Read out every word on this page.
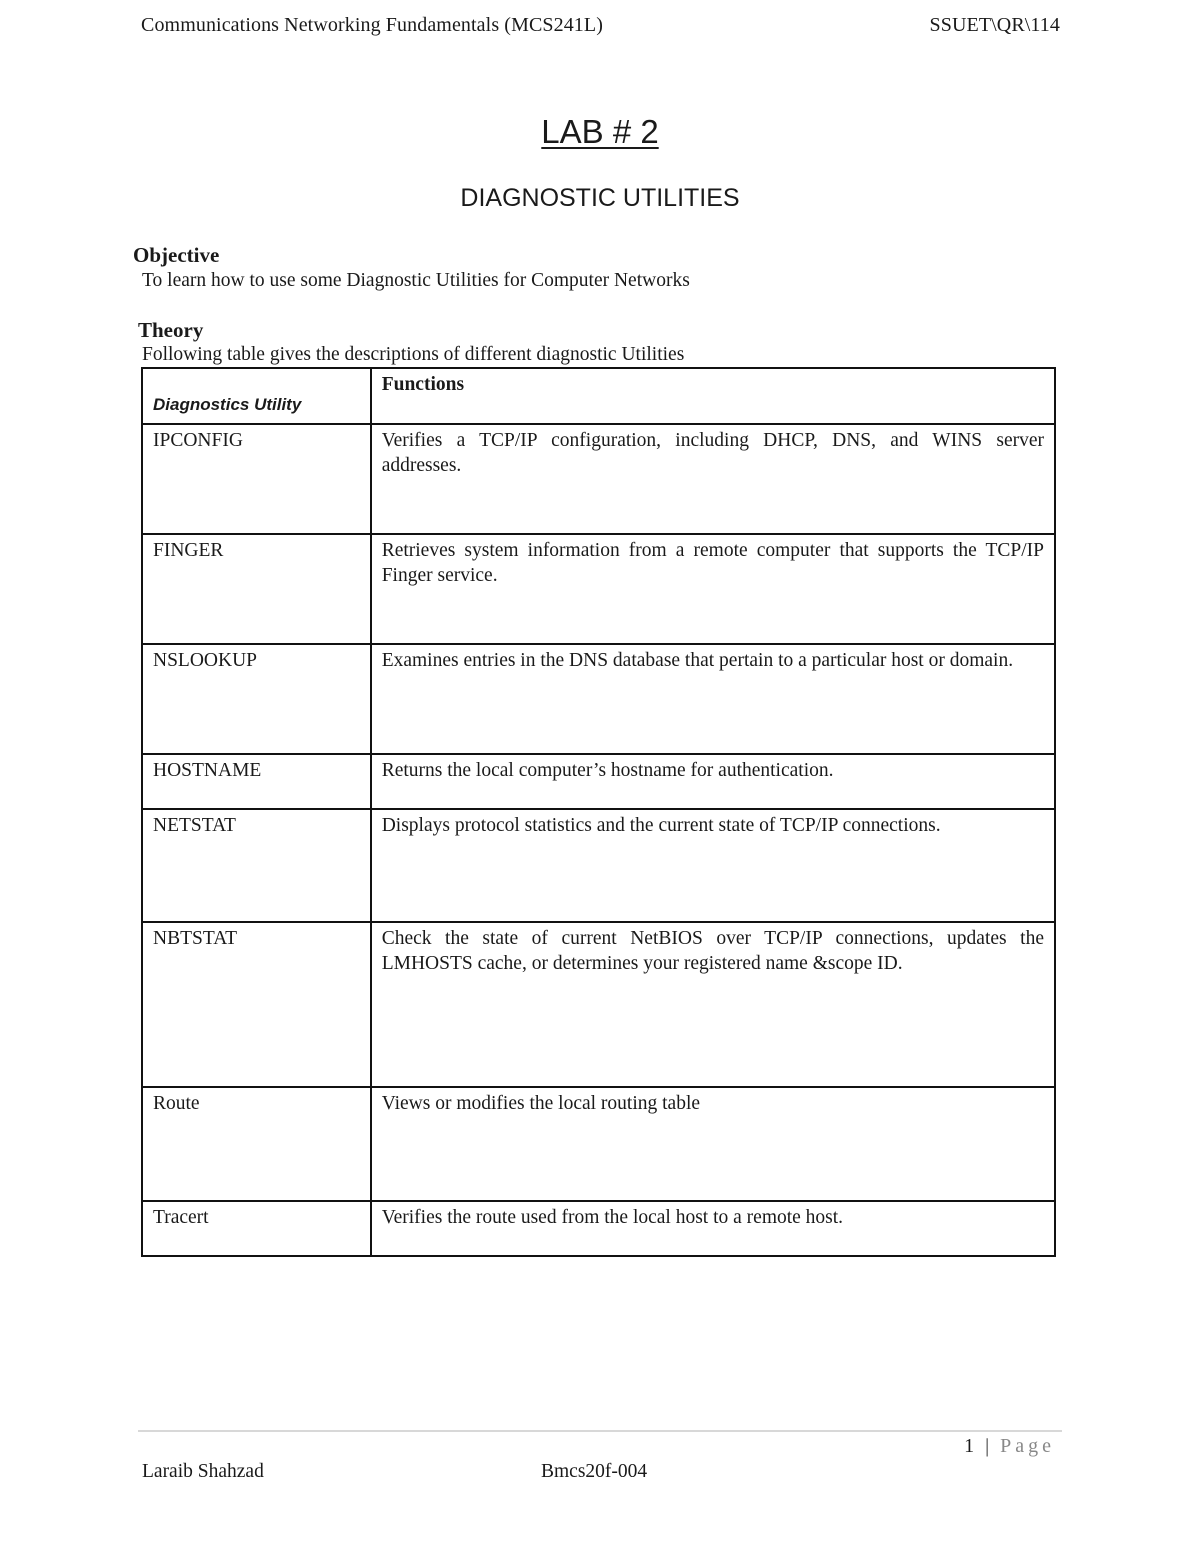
Communications Networking Fundamentals (MCS241L)	SSUET\QR\114
LAB # 2
DIAGNOSTIC UTILITIES
Objective
To learn how to use some Diagnostic Utilities for Computer Networks
Theory
Following table gives the descriptions of different diagnostic Utilities
Diagnostics Utility	Functions
IPCONFIG	Verifies a TCP/IP configuration, including DHCP, DNS, and WINS server addresses.
FINGER	Retrieves system information from a remote computer that supports the TCP/IP Finger service.
NSLOOKUP	Examines entries in the DNS database that pertain to a particular host or domain.
HOSTNAME	Returns the local computer’s hostname for authentication.
NETSTAT	Displays protocol statistics and the current state of TCP/IP connections.
NBTSTAT	Check the state of current NetBIOS over TCP/IP connections, updates the LMHOSTS cache, or determines your registered name &scope ID.
Route	Views or modifies the local routing table
Tracert	Verifies the route used from the local host to a remote host.
1 | Page
Laraib Shahzad	Bmcs20f-004
